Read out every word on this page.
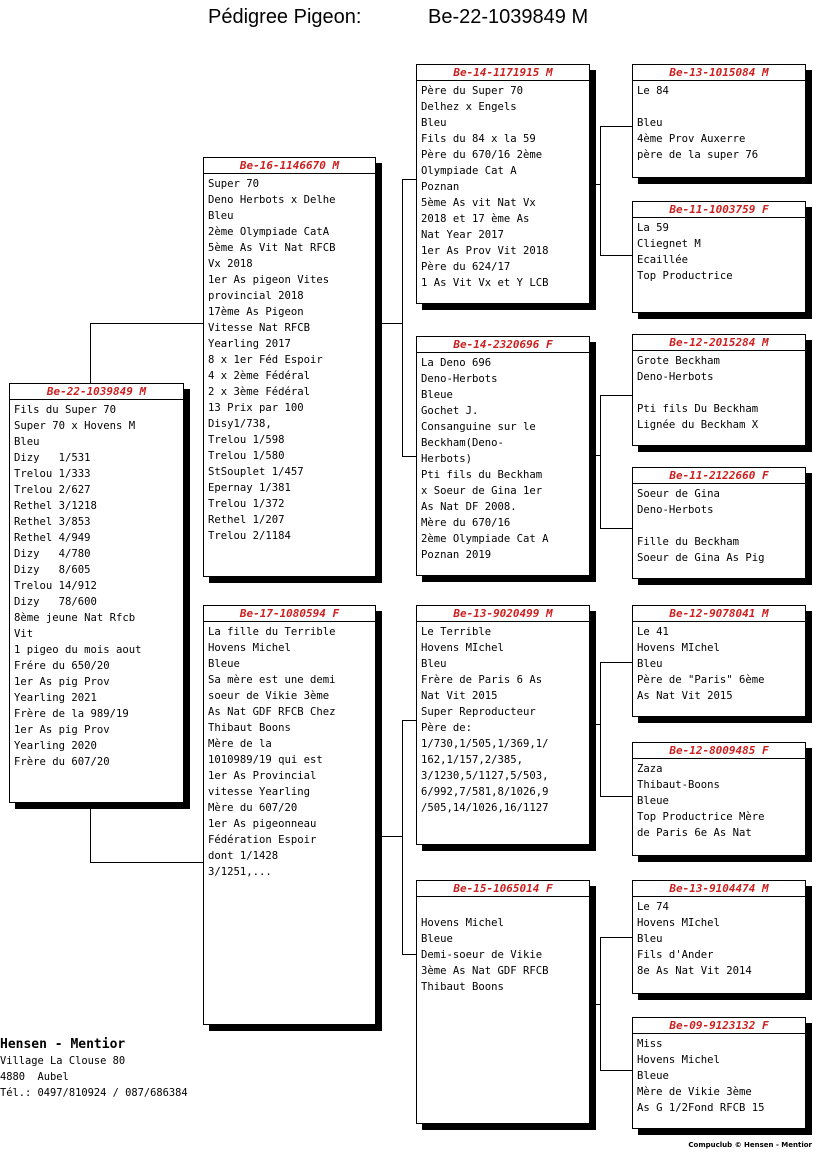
Pédigree Pigeon:	Be-22-1039849 M
Be-22-1039849 M
Fils du Super 70
Super 70 x Hovens M
Bleu
Dizy   1/531
Trelou 1/333
Trelou 2/627
Rethel 3/1218
Rethel 3/853
Rethel 4/949
Dizy   4/780
Dizy   8/605
Trelou 14/912
Dizy   78/600
8ème jeune Nat Rfcb
Vit
1 pigeo du mois aout
Frére du 650/20
1er As pig Prov
Yearling 2021
Frère de la 989/19
1er As pig Prov
Yearling 2020
Frère du 607/20
Be-16-1146670 M
Super 70
Deno Herbots x Delhe
Bleu
2ème Olympiade CatA
5ème As Vit Nat RFCB
Vx 2018
1er As pigeon Vites
provincial 2018
17ème As Pigeon
Vitesse Nat RFCB
Yearling 2017
8 x 1er Féd Espoir
4 x 2ème Fédéral
2 x 3ème Fédéral
13 Prix par 100
Disy1/738,
Trelou 1/598
Trelou 1/580
StSouplet 1/457
Epernay 1/381
Trelou 1/372
Rethel 1/207
Trelou 2/1184
Be-17-1080594 F
La fille du Terrible
Hovens Michel
Bleue
Sa mère est une demi
soeur de Vikie 3ème
As Nat GDF RFCB Chez
Thibaut Boons
Mère de la
1010989/19 qui est
1er As Provincial
vitesse Yearling
Mère du 607/20
1er As pigeonneau
Fédération Espoir
dont 1/1428
3/1251,...
Be-14-1171915 M
Père du Super 70
Delhez x Engels
Bleu
Fils du 84 x la 59
Père du 670/16 2ème
Olympiade Cat A
Poznan
5ème As vit Nat Vx
2018 et 17 ème As
Nat Year 2017
1er As Prov Vit 2018
Père du 624/17
1 As Vit Vx et Y LCB
Be-14-2320696 F
La Deno 696
Deno-Herbots
Bleue
Gochet J.
Consanguine sur le
Beckham(Deno-
Herbots)
Pti fils du Beckham
x Soeur de Gina 1er
As Nat DF 2008.
Mère du 670/16
2ème Olympiade Cat A
Poznan 2019
Be-13-9020499 M
Le Terrible
Hovens MIchel
Bleu
Frère de Paris 6 As
Nat Vit 2015
Super Reproducteur
Père de:
1/730,1/505,1/369,1/
162,1/157,2/385,
3/1230,5/1127,5/503,
6/992,7/581,8/1026,9
/505,14/1026,16/1127
Be-15-1065014 F
Hovens Michel
Bleue
Demi-soeur de Vikie
3ème As Nat GDF RFCB
Thibaut Boons
Be-13-1015084 M
Le 84
Bleu
4ème Prov Auxerre
père de la super 76
Be-11-1003759 F
La 59
Cliegnet M
Ecaillée
Top Productrice
Be-12-2015284 M
Grote Beckham
Deno-Herbots
Pti fils Du Beckham
Lignée du Beckham X
Be-11-2122660 F
Soeur de Gina
Deno-Herbots
Fille du Beckham
Soeur de Gina As Pig
Be-12-9078041 M
Le 41
Hovens MIchel
Bleu
Père de "Paris" 6ème
As Nat Vit 2015
Be-12-8009485 F
Zaza
Thibaut-Boons
Bleue
Top Productrice Mère
de Paris 6e As Nat
Be-13-9104474 M
Le 74
Hovens MIchel
Bleu
Fils d'Ander
8e As Nat Vit 2014
Be-09-9123132 F
Miss
Hovens Michel
Bleue
Mère de Vikie 3ème
As G 1/2Fond RFCB 15
Hensen - Mentior
Village La Clouse 80
4880  Aubel
Tél.: 0497/810924 / 087/686384
Compuclub © Hensen - Mentior
